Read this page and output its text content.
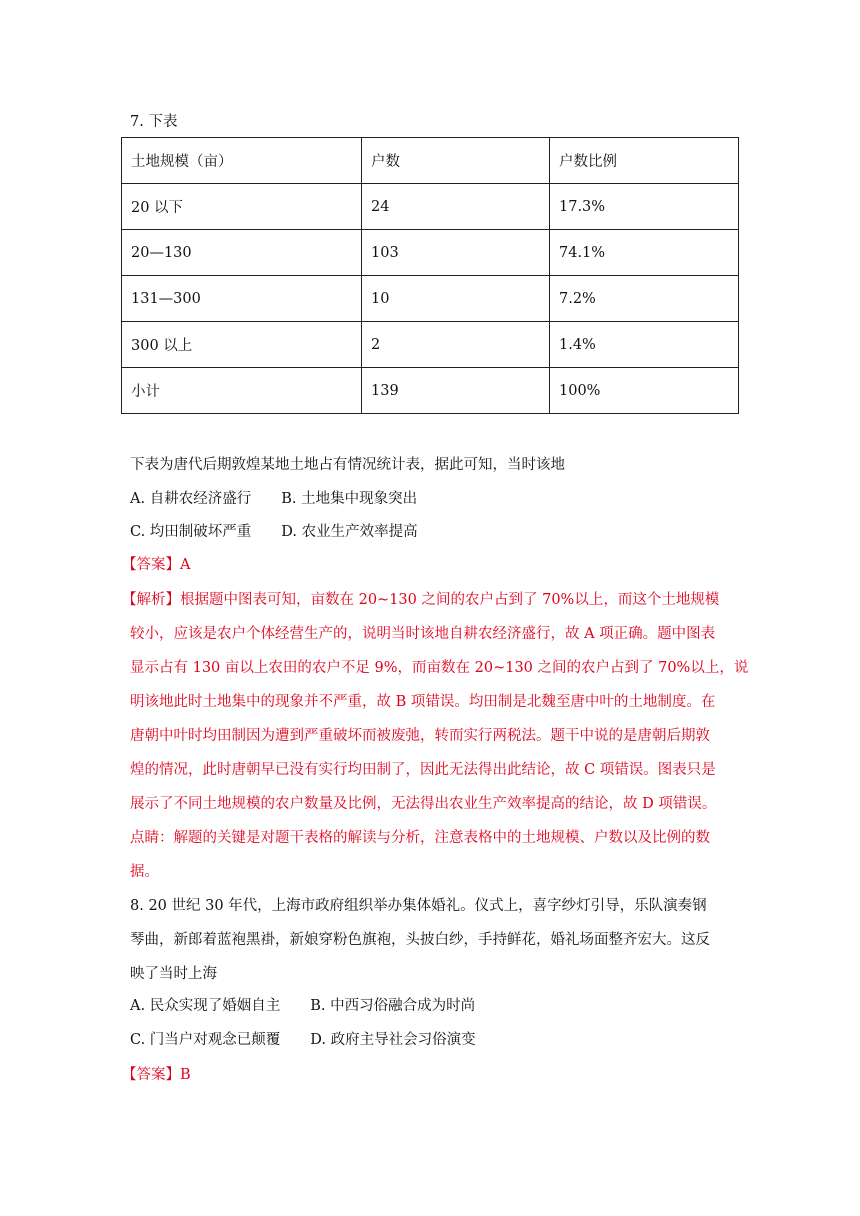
7. 下表
土地规模（亩）	户数	户数比例
20 以下	24	17.3%
20—130	103	74.1%
131—300	10	7.2%
300 以上	2	1.4%
小计	139	100%
下表为唐代后期敦煌某地土地占有情况统计表，据此可知，当时该地
A. 自耕农经济盛行 B. 土地集中现象突出
C. 均田制破坏严重 D. 农业生产效率提高
【答案】A
【解析】根据题中图表可知，亩数在 20~130 之间的农户占到了 70%以上，而这个土地规模
较小，应该是农户个体经营生产的，说明当时该地自耕农经济盛行，故 A 项正确。题中图表
显示占有 130 亩以上农田的农户不足 9%，而亩数在 20~130 之间的农户占到了 70%以上，说
明该地此时土地集中的现象并不严重，故 B 项错误。均田制是北魏至唐中叶的土地制度。在
唐朝中叶时均田制因为遭到严重破坏而被废弛，转而实行两税法。题干中说的是唐朝后期敦
煌的情况，此时唐朝早已没有实行均田制了，因此无法得出此结论，故 C 项错误。图表只是
展示了不同土地规模的农户数量及比例，无法得出农业生产效率提高的结论，故 D 项错误。
点睛：解题的关键是对题干表格的解读与分析，注意表格中的土地规模、户数以及比例的数
据。
8. 20 世纪 30 年代，上海市政府组织举办集体婚礼。仪式上，喜字纱灯引导，乐队演奏钢
琴曲，新郎着蓝袍黑褂，新娘穿粉色旗袍，头披白纱，手持鲜花，婚礼场面整齐宏大。这反
映了当时上海
A. 民众实现了婚姻自主 B. 中西习俗融合成为时尚
C. 门当户对观念已颠覆 D. 政府主导社会习俗演变
【答案】B
